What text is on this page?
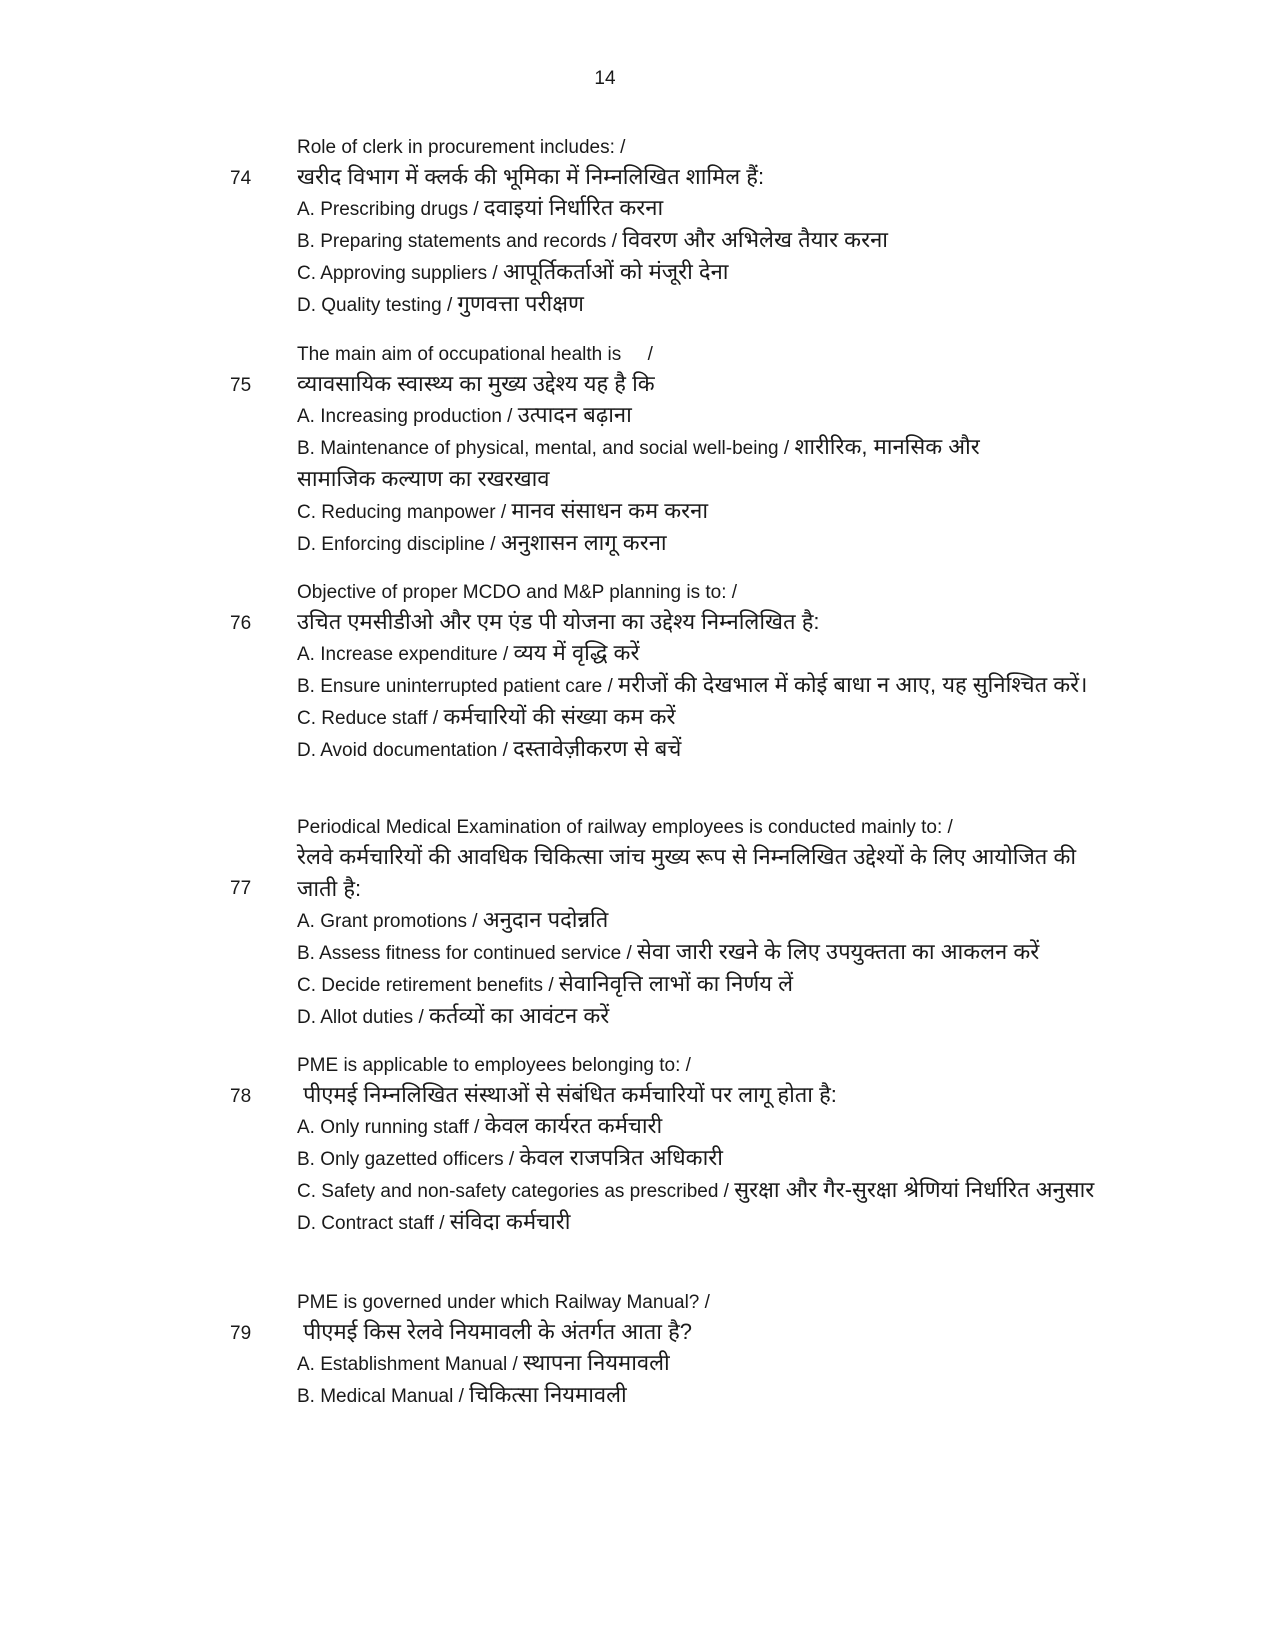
14
74
Role of clerk in procurement includes: /
खरीद विभाग में क्लर्क की भूमिका में निम्नलिखित शामिल हैं:
A. Prescribing drugs / दवाइयां निर्धारित करना
B. Preparing statements and records / विवरण और अभिलेख तैयार करना
C. Approving suppliers / आपूर्तिकर्ताओं को मंजूरी देना
D. Quality testing / गुणवत्ता परीक्षण
75
The main aim of occupational health is     /
व्यावसायिक स्वास्थ्य का मुख्य उद्देश्य यह है कि
A. Increasing production / उत्पादन बढ़ाना
B. Maintenance of physical, mental, and social well-being / शारीरिक, मानसिक और सामाजिक कल्याण का रखरखाव
C. Reducing manpower / मानव संसाधन कम करना
D. Enforcing discipline / अनुशासन लागू करना
76
Objective of proper MCDO and M&P planning is to: /
उचित एमसीडीओ और एम एंड पी योजना का उद्देश्य निम्नलिखित है:
A. Increase expenditure / व्यय में वृद्धि करें
B. Ensure uninterrupted patient care / मरीजों की देखभाल में कोई बाधा न आए, यह सुनिश्चित करें।
C. Reduce staff / कर्मचारियों की संख्या कम करें
D. Avoid documentation / दस्तावेज़ीकरण से बचें
77
Periodical Medical Examination of railway employees is conducted mainly to: /
रेलवे कर्मचारियों की आवधिक चिकित्सा जांच मुख्य रूप से निम्नलिखित उद्देश्यों के लिए आयोजित की जाती है:
A. Grant promotions / अनुदान पदोन्नति
B. Assess fitness for continued service / सेवा जारी रखने के लिए उपयुक्तता का आकलन करें
C. Decide retirement benefits / सेवानिवृत्ति लाभों का निर्णय लें
D. Allot duties / कर्तव्यों का आवंटन करें
78
PME is applicable to employees belonging to: /
पीएमई निम्नलिखित संस्थाओं से संबंधित कर्मचारियों पर लागू होता है:
A. Only running staff / केवल कार्यरत कर्मचारी
B. Only gazetted officers / केवल राजपत्रित अधिकारी
C. Safety and non-safety categories as prescribed / सुरक्षा और गैर-सुरक्षा श्रेणियां निर्धारित अनुसार
D. Contract staff / संविदा कर्मचारी
79
PME is governed under which Railway Manual? /
पीएमई किस रेलवे नियमावली के अंतर्गत आता है?
A. Establishment Manual / स्थापना नियमावली
B. Medical Manual / चिकित्सा नियमावली
